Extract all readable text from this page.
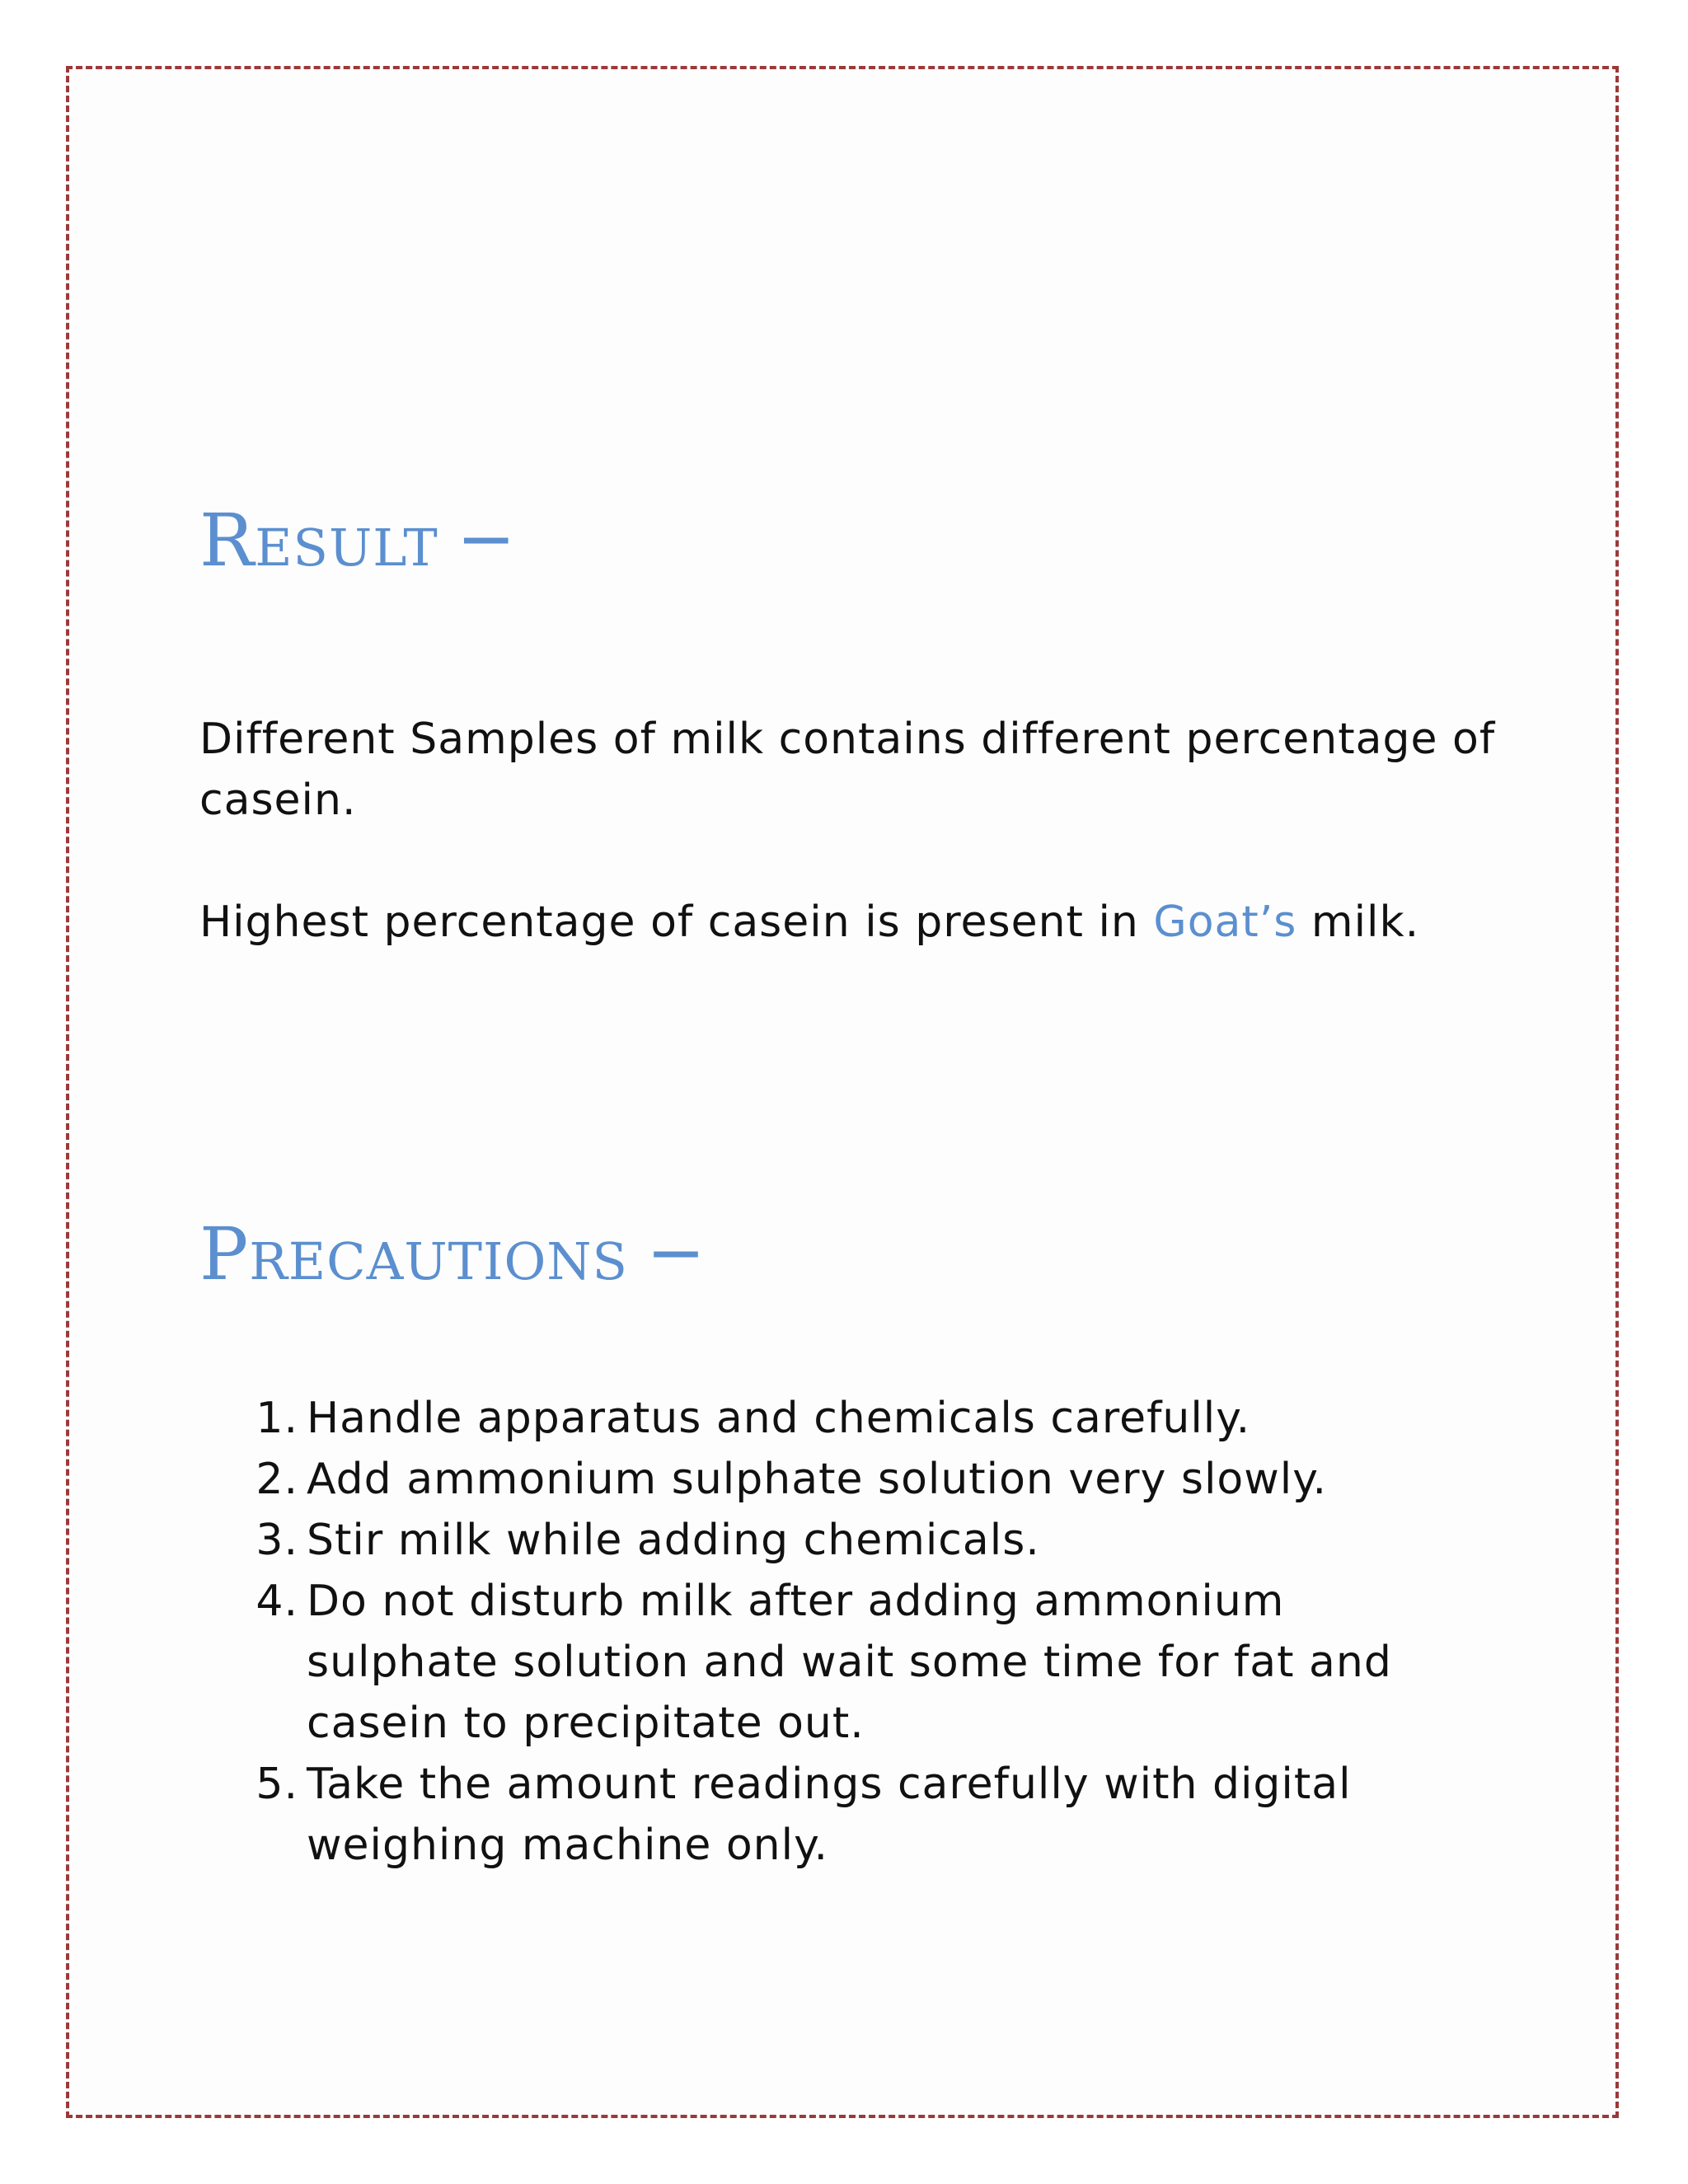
Result —

Different Samples of milk contains different percentage of casein.

Highest percentage of casein is present in Goat’s milk.

Precautions —
1. Handle apparatus and chemicals carefully.
2. Add ammonium sulphate solution very slowly.
3. Stir milk while adding chemicals.
4. Do not disturb milk after adding ammonium sulphate solution and wait some time for fat and casein to precipitate out.
5. Take the amount readings carefully with digital weighing machine only.
